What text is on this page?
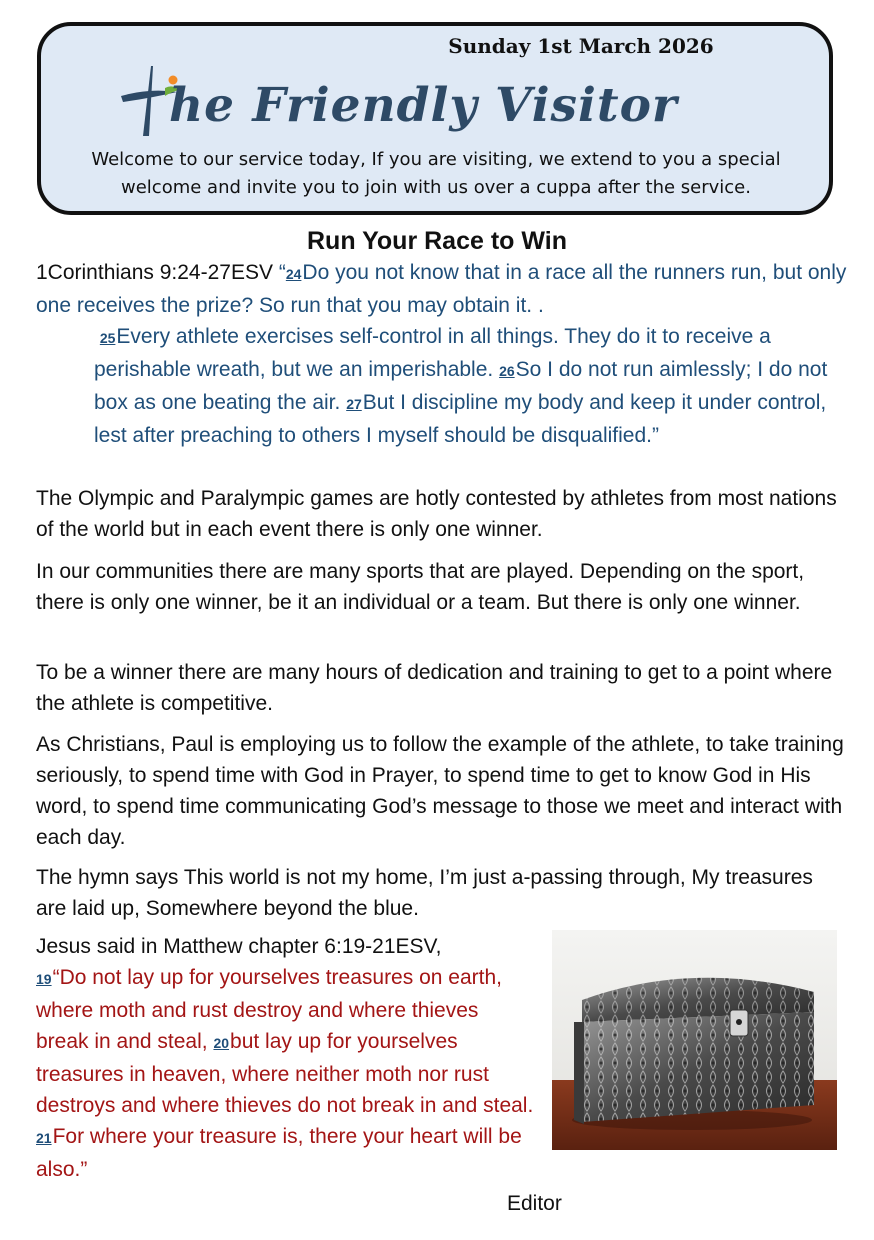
Sunday 1st March 2026
he Friendly Visitor
Welcome to our service today, If you are visiting, we extend to you a special welcome and invite you to join with us over a cuppa after the service.
Run Your Race to Win
1Corinthians 9:24-27ESV “24Do you not know that in a race all the runners run, but only one receives the prize? So run that you may obtain it. .
25Every athlete exercises self-control in all things. They do it to receive a perishable wreath, but we an imperishable. 26So I do not run aimlessly; I do not box as one beating the air. 27But I discipline my body and keep it under control, lest after preaching to others I myself should be disqualified.”
The Olympic and Paralympic games are hotly contested by athletes from most nations of the world but in each event there is only one winner.
In our communities there are many sports that are played. Depending on the sport, there is only one winner, be it an individual or a team. But there is only one winner.
To be a winner there are many hours of dedication and training to get to a point where the athlete is competitive.
As Christians, Paul is employing us to follow the example of the athlete, to take training seriously, to spend time with God in Prayer, to spend time to get to know God in His word, to spend time communicating God’s message to those we meet and interact with each day.
The hymn says This world is not my home, I’m just a-passing through, My treasures are laid up, Somewhere beyond the blue.
Jesus said in Matthew chapter 6:19-21ESV,
19“Do not lay up for yourselves treasures on earth, where moth and rust destroy and where thieves break in and steal, 20but lay up for yourselves treasures in heaven, where neither moth nor rust destroys and where thieves do not break in and steal. 21For where your treasure is, there your heart will be also.”
Editor
